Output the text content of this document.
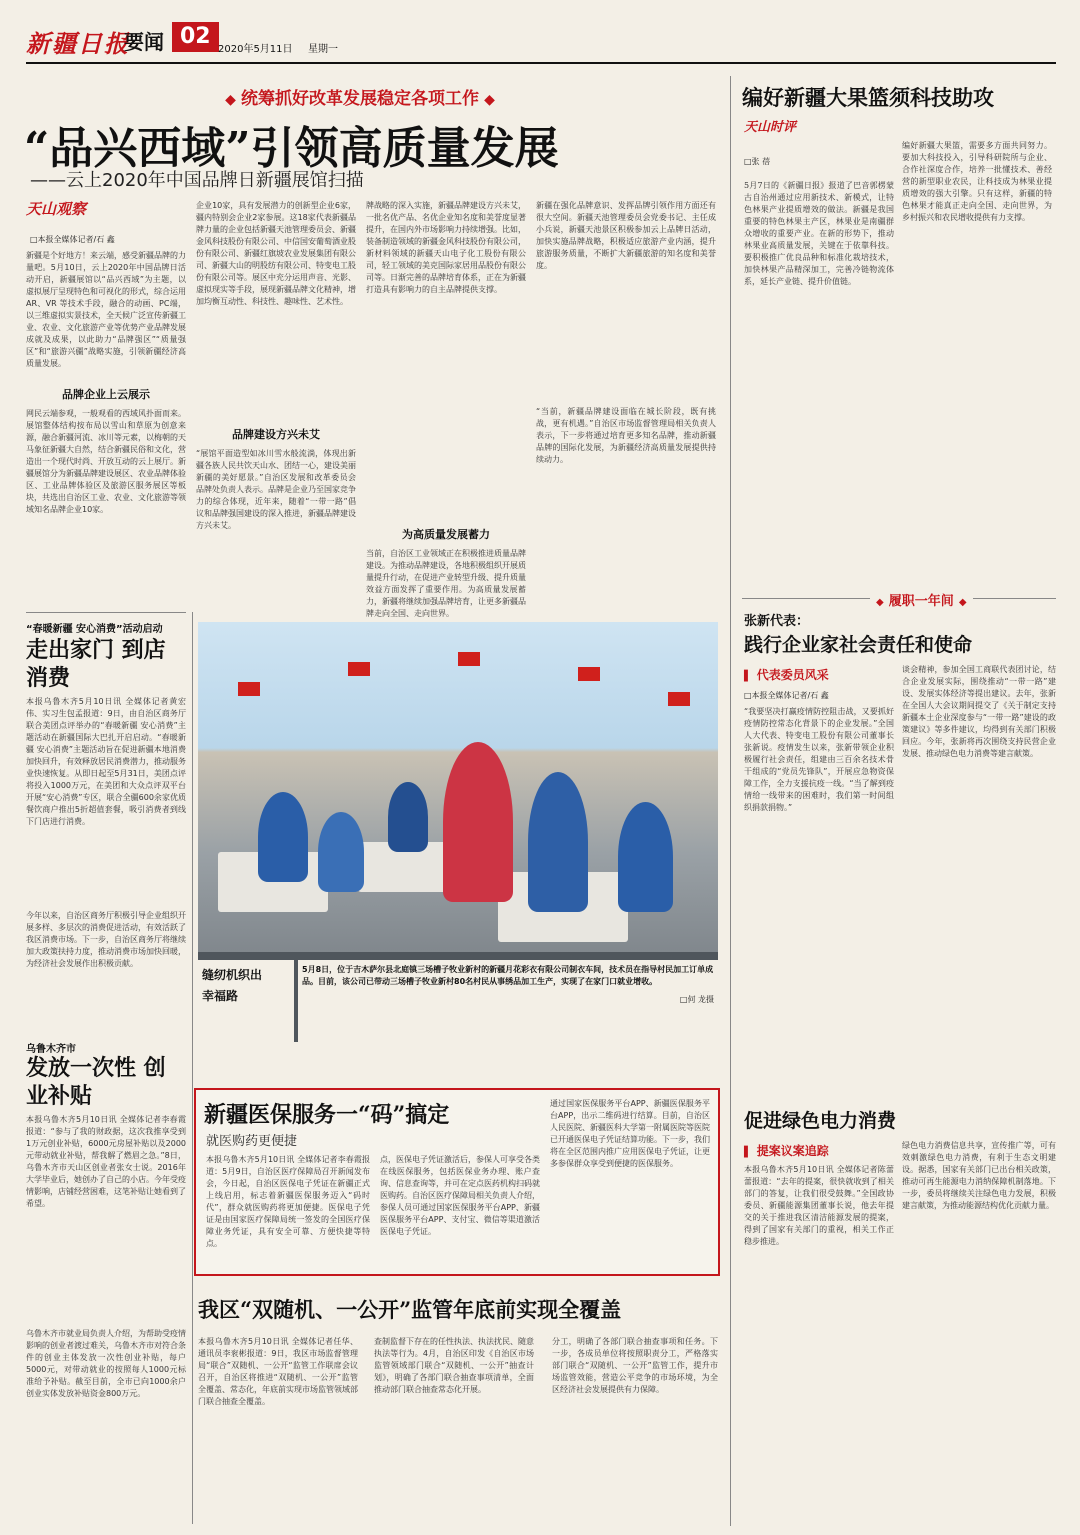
新疆日报
要闻 02
2020年5月11日 星期一
◆ 统筹抓好改革发展稳定各项工作 ◆
“品兴西域”引领高质量发展
——云上2020年中国品牌日新疆展馆扫描
天山观察
□本报全媒体记者/石 鑫
新疆是个好地方！来云端，感受新疆品牌的力量吧。5月10日，云上2020年中国品牌日活动开启，新疆展馆以“品兴西域”为主题，以虚拟展厅呈现特色和可视化的形式，综合运用 AR、VR 等技术手段，融合的动画、PC端，以三维虚拟实景技术，全天候广泛宣传新疆工业、农业、文化旅游产业等优势产业品牌发展成就及成果，以此助力“品牌强区”“质量强区”和“旅游兴疆”战略实施，引领新疆经济高质量发展。
品牌企业上云展示
网民云端参观，一般观看的西域风扑面而来。展馆整体结构按布局以雪山和草原为创意来源，融合新疆河流、冰川等元素，以梅朝的天马象征新疆大自然，结合新疆民俗和文化，营造出一个现代时尚、开放互动的云上展厅。新疆展馆分为新疆品牌建设展区、农业品牌体验区、工业品牌体验区及旅游区服务展区等板块，共选出自治区工业、农业、文化旅游等领域知名品牌企业10家。
企业10家，具有发展潜力的创新型企业6家，疆内特别会企业2家参展。这18家代表新疆品牌力量的企业包括新疆天池管理委员会、新疆金风科技股份有限公司、中信国安葡萄酒业股份有限公司、新疆红旗坡农业发展集团有限公司、新疆大山的明股纺有限公司、特变电工股份有限公司等。展区中充分运用声音、光影、虚拟现实等手段，展现新疆品牌文化精神，增加均衡互动性、科技性、趣味性、艺术性。
品牌建设方兴未艾
“展馆平面造型如冰川雪水般流淌，体现出新疆各族人民共饮天山水、团结一心，建设美丽新疆的美好愿景。”自治区发展和改革委员会品牌处负责人表示。品牌是企业乃至国家竞争力的综合体现，近年来，随着“一带一路”倡议和品牌强国建设的深入推进，新疆品牌建设方兴未艾。
牌战略的深入实施，新疆品牌建设方兴未艾，一批名优产品、名优企业知名度和美誉度显著提升，在国内外市场影响力持续增强。比如，装备制造领域的新疆金风科技股份有限公司，新材料领域的新疆天山电子化工股份有限公司，轻工领域的美克国际家居用品股份有限公司等。日渐完善的品牌培育体系，正在为新疆打造具有影响力的自主品牌提供支撑。
为高质量发展蓄力
当前，自治区工业领域正在积极推进质量品牌建设。为推动品牌建设，各地积极组织开展质量提升行动，在促进产业转型升级、提升质量效益方面发挥了重要作用。为高质量发展蓄力，新疆将继续加强品牌培育，让更多新疆品牌走向全国、走向世界。
新疆在强化品牌意识、发挥品牌引领作用方面还有很大空间。新疆天池管理委员会党委书记、主任成小兵说，新疆天池景区积极参加云上品牌日活动，加快实施品牌战略，积极适应旅游产业内涵，提升旅游服务质量，不断扩大新疆旅游的知名度和美誉度。
“当前，新疆品牌建设面临在城长阶段，既有挑战，更有机遇。”自治区市场监督管理局相关负责人表示，下一步将通过培育更多知名品牌，推动新疆品牌的国际化发展，为新疆经济高质量发展提供持续动力。
编好新疆大果篮须科技助攻
天山时评
□张 蓓
5月7日的《新疆日报》报道了巴音郭楞蒙古自治州通过应用新技术、新模式，让特色林果产业提质增效的做法。新疆是我国重要的特色林果主产区，林果业是南疆群众增收的重要产业。在新的形势下，推动林果业高质量发展，关键在于依靠科技。要积极推广优良品种和标准化栽培技术，加快林果产品精深加工，完善冷链物流体系，延长产业链、提升价值链。
编好新疆大果篮，需要多方面共同努力。要加大科技投入，引导科研院所与企业、合作社深度合作，培养一批懂技术、善经营的新型职业农民，让科技成为林果业提质增效的强大引擎。只有这样，新疆的特色林果才能真正走向全国、走向世界，为乡村振兴和农民增收提供有力支撑。
“春暖新疆 安心消费”活动启动
走出家门 到店消费
本报乌鲁木齐5月10日讯 全媒体记者黄宏伟、实习生包孟报道：9日，由自治区商务厅联合美团点评举办的“春暖新疆 安心消费”主题活动在新疆国际大巴扎开启启动。“春暖新疆 安心消费”主题活动旨在促进新疆本地消费加快回升，有效释放居民消费潜力，推动服务业快速恢复。从即日起至5月31日，美团点评将投入1000万元，在美团和大众点评双平台开展“安心消费”专区，联合全疆600余家优质餐饮商户推出5折超值套餐，吸引消费者到线下门店进行消费。
今年以来，自治区商务厅积极引导企业组织开展多样、多层次的消费促进活动，有效活跃了我区消费市场。下一步，自治区商务厅将继续加大政策扶持力度，推动消费市场加快回暖，为经济社会发展作出积极贡献。
乌鲁木齐市
发放一次性 创业补贴
本报乌鲁木齐5月10日讯 全媒体记者李春霞报道：“参与了我的财政据，这次我推享受到1万元创业补贴，6000元房屋补贴以及2000元带动就业补贴，帮我解了燃眉之急。”8日，乌鲁木齐市天山区创业者张女士说。2016年大学毕业后，她创办了自己的小店。今年受疫情影响，店铺经营困难，这笔补贴让她看到了希望。
乌鲁木齐市就业局负责人介绍，为帮助受疫情影响的创业者渡过难关，乌鲁木齐市对符合条件的创业主体发放一次性创业补贴，每户5000元，对带动就业的按照每人1000元标准给予补贴。截至目前，全市已向1000余户创业实体发放补贴资金800万元。
缝纫机织出
幸福路
5月8日，位于吉木萨尔县北庭镇三场槽子牧业新村的新疆月花彩衣有限公司制衣车间，技术员在指导村民加工订单成品。目前，该公司已带动三场槽子牧业新村80名村民从事绣品加工生产，实现了在家门口就业增收。
□何 龙摄
新疆医保服务一“码”搞定
就医购药更便捷
本报乌鲁木齐5月10日讯 全媒体记者李春霞报道：5月9日，自治区医疗保障局召开新闻发布会，今日起，自治区医保电子凭证在新疆正式上线启用，标志着新疆医保服务迈入“码时代”，群众就医购药将更加便捷。医保电子凭证是由国家医疗保障局统一签发的全国医疗保障业务凭证，具有安全可靠、方便快捷等特点。
点，医保电子凭证激活后，参保人可享受各类在线医保服务，包括医保业务办理、账户查询、信息查询等，并可在定点医药机构扫码就医购药。自治区医疗保障局相关负责人介绍，参保人员可通过国家医保服务平台APP、新疆医保服务平台APP、支付宝、微信等渠道激活医保电子凭证。
通过国家医保服务平台APP、新疆医保服务平台APP，出示二维码进行结算。目前，自治区人民医院、新疆医科大学第一附属医院等医院已开通医保电子凭证结算功能。下一步，我们将在全区范围内推广应用医保电子凭证，让更多参保群众享受到便捷的医保服务。
我区“双随机、一公开”监管年底前实现全覆盖
本报乌鲁木齐5月10日讯 全媒体记者任华、通讯员李衮彬报道：9日，我区市场监督管理局“联合”双随机、一公开“监管工作联席会议召开，自治区将推进“双随机、一公开”监管全覆盖、常态化，年底前实现市场监管领域部门联合抽查全覆盖。
查制监督下存在的任性执法、执法扰民、随意执法等行为。4月，自治区印发《自治区市场监管领域部门联合“双随机、一公开”抽查计划》，明确了各部门联合抽查事项清单，全面推动部门联合抽查常态化开展。
分工，明确了各部门联合抽查事项和任务。下一步，各成员单位将按照职责分工，严格落实部门联合“双随机、一公开”监管工作，提升市场监管效能，营造公平竞争的市场环境，为全区经济社会发展提供有力保障。
◆ 履职一年间 ◆
张新代表：
践行企业家社会责任和使命
▌ 代表委员风采
□本报全媒体记者/石 鑫
“我要坚决打赢疫情防控阻击战，又要抓好疫情防控常态化背景下的企业发展。”全国人大代表、特变电工股份有限公司董事长张新说。疫情发生以来，张新带领企业积极履行社会责任，组建由三百余名技术骨干组成的“党员先锋队”，开展应急物资保障工作，全力支援抗疫一线。“当了解到疫情给一线带来的困难时，我们第一时间组织捐款捐物。”
谈会精神，参加全国工商联代表团讨论，结合企业发展实际，围绕推动“一带一路”建设、发展实体经济等提出建议。去年，张新在全国人大会议期间提交了《关于制定支持新疆本土企业深度参与“一带一路”建设的政策建议》等多件建议，均得到有关部门积极回应。今年，张新将再次围绕支持民营企业发展、推动绿色电力消费等建言献策。
促进绿色电力消费
▌ 提案议案追踪
本报乌鲁木齐5月10日讯 全媒体记者陈蕾蕾报道：“去年的提案，很快就收到了相关部门的答复，让我们很受鼓舞。”全国政协委员、新疆能源集团董事长说，他去年提交的关于推进我区清洁能源发展的提案，得到了国家有关部门的重视，相关工作正稳步推进。
绿色电力消费信息共享，宣传推广等，可有效刺激绿色电力消费，有利于生态文明建设。据悉，国家有关部门已出台相关政策，推动可再生能源电力消纳保障机制落地。下一步，委员将继续关注绿色电力发展，积极建言献策，为推动能源结构优化贡献力量。
